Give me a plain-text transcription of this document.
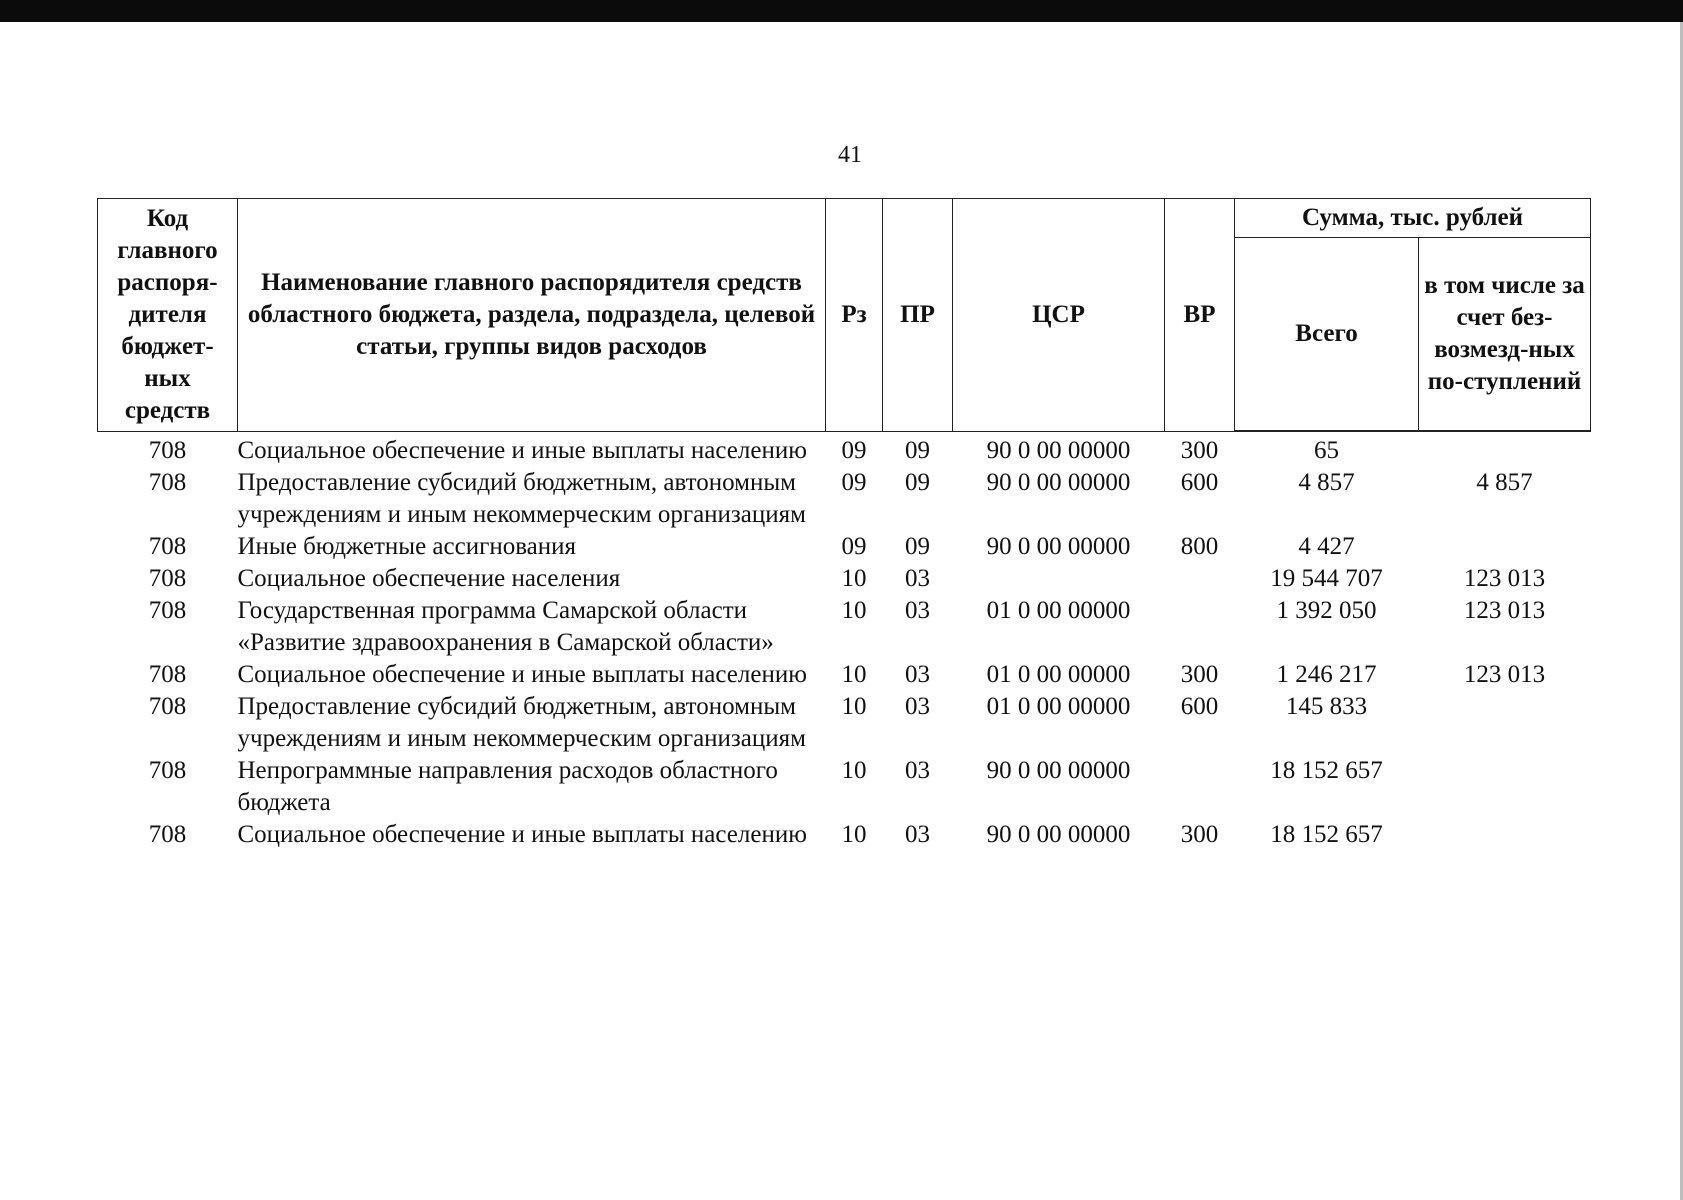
41
Код главного распоря-дителя бюджет-ных средств	Наименование главного распорядителя средств областного бюджета, раздела, подраздела, целевой статьи, группы видов расходов	Рз	ПР	ЦСР	ВР	Сумма, тыс. рублей	
						Всего	в том числе за счет без-возмезд-ных по-ступлений
708	Социальное обеспечение и иные выплаты населению	09	09	90 0 00 00000	300	65	
708	Предоставление субсидий бюджетным, автономным учреждениям и иным некоммерческим организациям	09	09	90 0 00 00000	600	4 857	4 857
708	Иные бюджетные ассигнования	09	09	90 0 00 00000	800	4 427	
708	Социальное обеспечение населения	10	03			19 544 707	123 013
708	Государственная программа Самарской области «Развитие здравоохранения в Самарской области»	10	03	01 0 00 00000		1 392 050	123 013
708	Социальное обеспечение и иные выплаты населению	10	03	01 0 00 00000	300	1 246 217	123 013
708	Предоставление субсидий бюджетным, автономным учреждениям и иным некоммерческим организациям	10	03	01 0 00 00000	600	145 833	
708	Непрограммные направления расходов областного бюджета	10	03	90 0 00 00000		18 152 657	
708	Социальное обеспечение и иные выплаты населению	10	03	90 0 00 00000	300	18 152 657	
